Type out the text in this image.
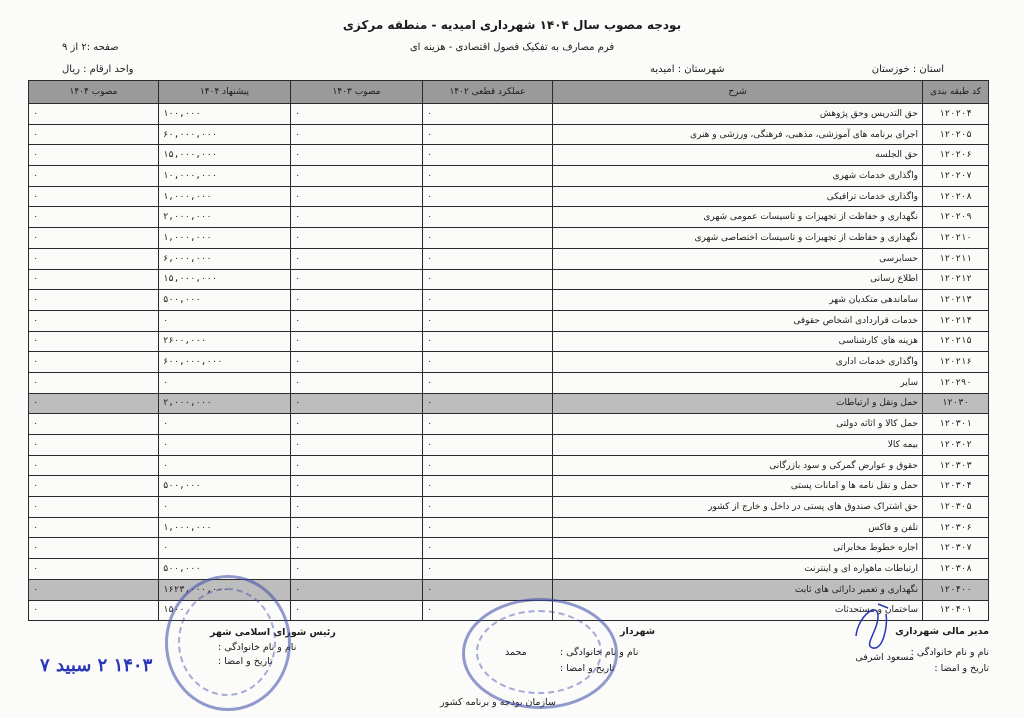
بودجه مصوب سال ۱۴۰۴ شهرداری امیدیه - منطقه مرکزی
فرم مصارف به تفکیک فصول اقتصادی - هزینه ای
صفحه :۲ از ۹
واحد ارقام : ریال	استان : خوزستان
شهرستان : امیدیه
مصوب ۱۴۰۴	پیشنهاد ۱۴۰۴	مصوب ۱۴۰۳	عملکرد قطعی ۱۴۰۲	شرح	کد طبقه بندی
۰	۱۰۰,۰۰۰	۰	۰	حق التدریس وحق پژوهش	۱۲۰۲۰۴
۰	۶۰,۰۰۰,۰۰۰	۰	۰	اجرای برنامه های آموزشی، مذهبی، فرهنگی، ورزشی و هنری	۱۲۰۲۰۵
۰	۱۵,۰۰۰,۰۰۰	۰	۰	حق الجلسه	۱۲۰۲۰۶
۰	۱۰,۰۰۰,۰۰۰	۰	۰	واگذاری خدمات شهری	۱۲۰۲۰۷
۰	۱,۰۰۰,۰۰۰	۰	۰	واگذاری خدمات ترافیکی	۱۲۰۲۰۸
۰	۲,۰۰۰,۰۰۰	۰	۰	نگهداری و حفاظت از تجهیزات و تاسیسات عمومی شهری	۱۲۰۲۰۹
۰	۱,۰۰۰,۰۰۰	۰	۰	نگهداری و حفاظت از تجهیزات و تاسیسات اختصاصی شهری	۱۲۰۲۱۰
۰	۶,۰۰۰,۰۰۰	۰	۰	حسابرسی	۱۲۰۲۱۱
۰	۱۵,۰۰۰,۰۰۰	۰	۰	اطلاع رسانی	۱۲۰۲۱۲
۰	۵۰۰,۰۰۰	۰	۰	ساماندهی متکدیان شهر	۱۲۰۲۱۳
۰	۰	۰	۰	خدمات قراردادی اشخاص حقوقی	۱۲۰۲۱۴
۰	۲۶۰۰,۰۰۰	۰	۰	هزینه های کارشناسی	۱۲۰۲۱۵
۰	۶۰۰,۰۰۰,۰۰۰	۰	۰	واگذاری خدمات اداری	۱۲۰۲۱۶
۰	۰	۰	۰	سایر	۱۲۰۲۹۰
۰	۲,۰۰۰,۰۰۰	۰	۰	حمل ونقل و ارتباطات	۱۲۰۳۰
۰	۰	۰	۰	حمل کالا و اثاثه دولتی	۱۲۰۳۰۱
۰	۰	۰	۰	بیمه کالا	۱۲۰۳۰۲
۰	۰	۰	۰	حقوق و عوارض گمرکی و سود بازرگانی	۱۲۰۳۰۳
۰	۵۰۰,۰۰۰	۰	۰	حمل و نقل نامه ها و امانات پستی	۱۲۰۳۰۴
۰	۰	۰	۰	حق اشتراک صندوق های پستی در داخل و خارج از کشور	۱۲۰۳۰۵
۰	۱,۰۰۰,۰۰۰	۰	۰	تلفن و فاکس	۱۲۰۳۰۶
۰	۰	۰	۰	اجاره خطوط مخابراتی	۱۲۰۳۰۷
۰	۵۰۰,۰۰۰	۰	۰	ارتباطات ماهواره ای و اینترنت	۱۲۰۳۰۸
۰	۱۶۲۳,۰۰۰,۰۰۰	۰	۰	نگهداری و تعمیر دارائی های ثابت	۱۲۰۴۰۰
۰	۱۵۰۰	۰	۰	ساختمان و مستحدثات	۱۲۰۴۰۱
مدیر مالی شهرداری
نام و نام خانوادگی :
مسعود اشرفی
تاریخ و امضا :
شهردار
نام و نام خانوادگی :
محمد
تاریخ و امضا :
سازمان بودجه و برنامه کشور
رئیس شورای اسلامی شهر
نام و نام خانوادگی :
تاریخ و امضا :
۱۴۰۳ ۲ سبید ۷
